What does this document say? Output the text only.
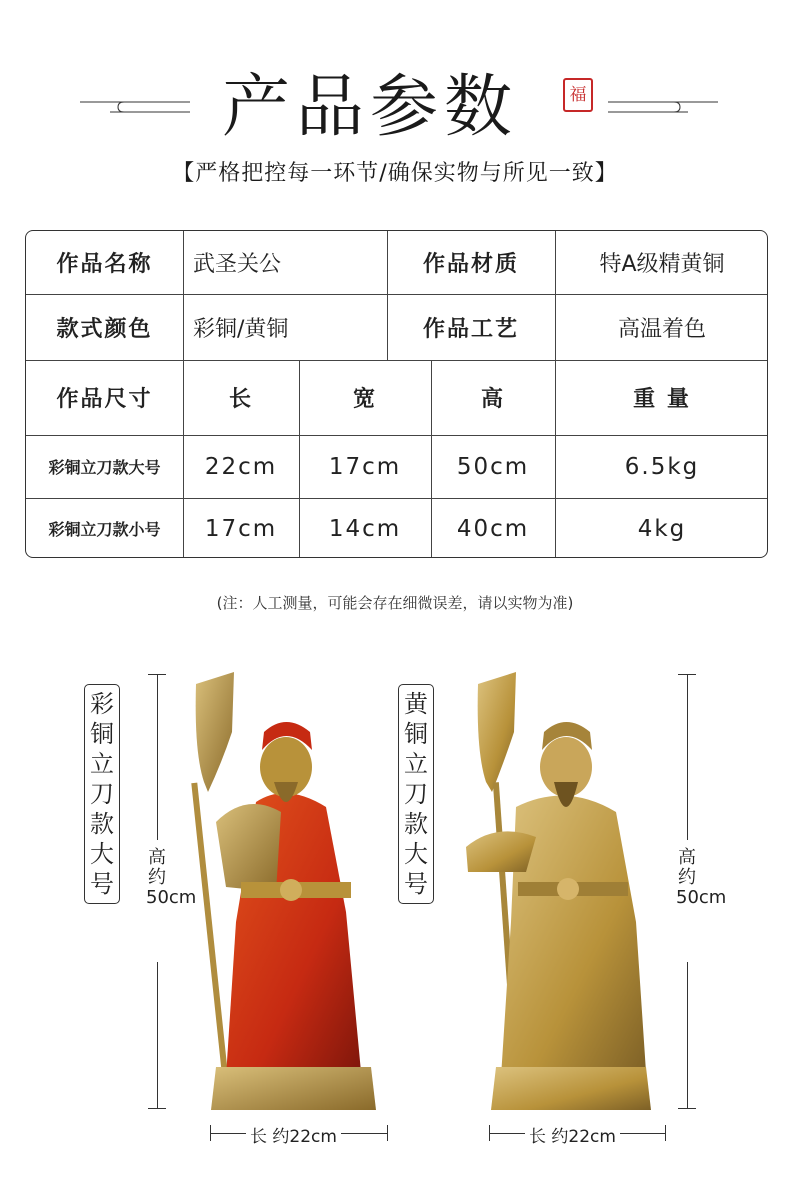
产品参数	福
【严格把控每一环节/确保实物与所见一致】
作品名称	武圣关公	作品材质	特A级精黄铜
款式颜色	彩铜/黄铜	作品工艺	高温着色
作品尺寸	长	宽	高	重 量
彩铜立刀款大号	22cm	17cm	50cm	6.5kg
彩铜立刀款小号	17cm	14cm	40cm	4kg
(注：人工测量，可能会存在细微误差，请以实物为准)
彩铜立刀款大号
高约50cm
长 约22cm
黄铜立刀款大号
高约50cm
长 约22cm
